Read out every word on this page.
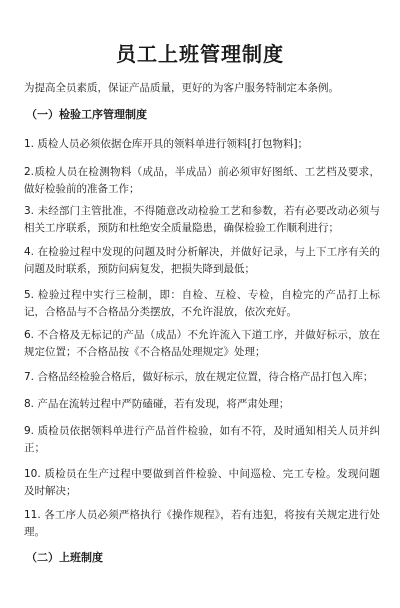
员工上班管理制度
为提高全员素质，保证产品质量，更好的为客户服务特制定本条例。
（一）检验工序管理制度
1. 质检人员必须依据仓库开具的领料单进行领料[打包物料]；
2.质检人员在检测物料（成品，半成品）前必须审好图纸、工艺档及要求，做好检验前的准备工作；
3. 未经部门主管批准，不得随意改动检验工艺和参数，若有必要改动必须与相关工序联系，预防和杜绝安全质量隐患，确保检验工作顺利进行；
4. 在检验过程中发现的问题及时分析解决，并做好记录，与上下工序有关的问题及时联系，预防问病复发，把损失降到最低；
5. 检验过程中实行三检制，即：自检、互检、专检，自检完的产品打上标记，合格品与不合格品分类摆放，不允许混放，依次充好。
6. 不合格及无标记的产品（成品）不允许流入下道工序，并做好标示，放在规定位置；不合格品按《不合格品处理规定》处理；
7. 合格品经检验合格后，做好标示，放在规定位置，待合格产品打包入库；
8. 产品在流转过程中严防磕碰，若有发现，将严肃处理；
9. 质检员依据领料单进行产品首件检验，如有不符，及时通知相关人员并纠正；
10. 质检员在生产过程中要做到首件检验、中间巡检、完工专检。发现问题及时解决；
11. 各工序人员必须严格执行《操作规程》，若有违犯，将按有关规定进行处理。
（二）上班制度
